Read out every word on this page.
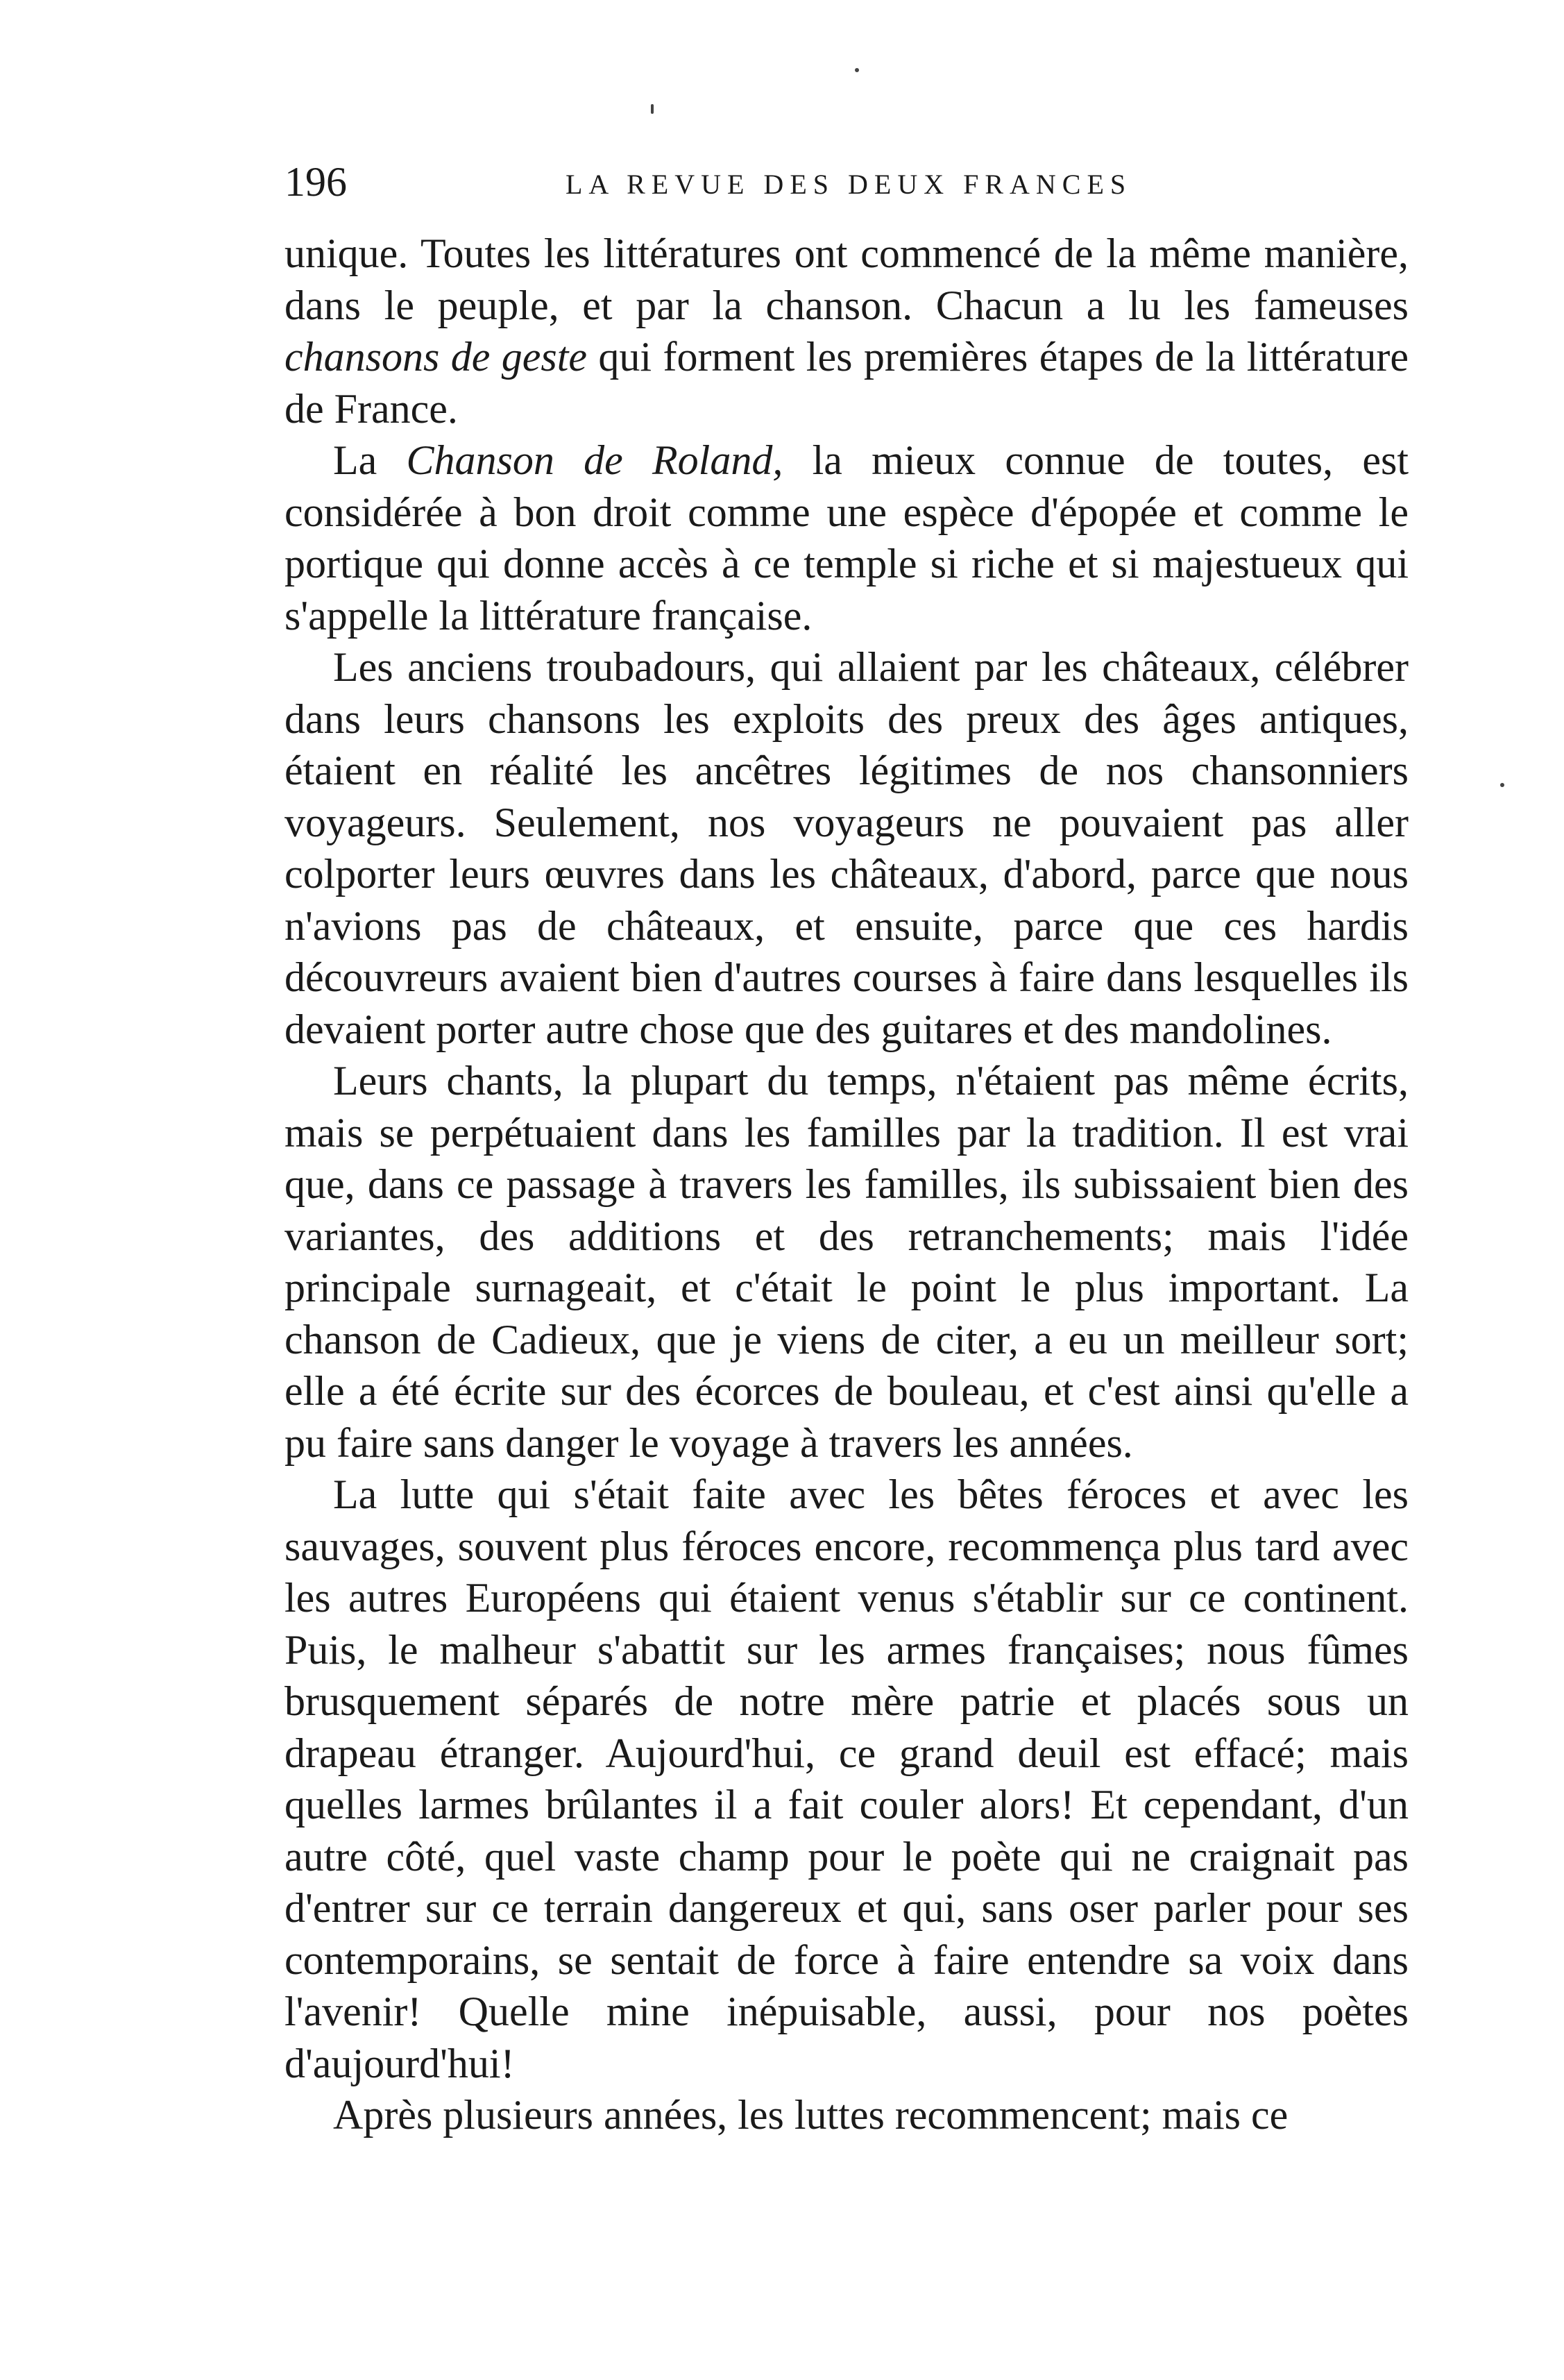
196	LA REVUE DES DEUX FRANCES

unique. Toutes les littératures ont commencé de la même manière, dans le peuple, et par la chanson. Chacun a lu les fameuses chansons de geste qui forment les premières étapes de la littérature de France.

La Chanson de Roland, la mieux connue de toutes, est considérée à bon droit comme une espèce d'épopée et comme le portique qui donne accès à ce temple si riche et si majestueux qui s'appelle la littérature française.

Les anciens troubadours, qui allaient par les châteaux, célébrer dans leurs chansons les exploits des preux des âges antiques, étaient en réalité les ancêtres légitimes de nos chansonniers voyageurs. Seulement, nos voyageurs ne pouvaient pas aller colporter leurs œuvres dans les châteaux, d'abord, parce que nous n'avions pas de châteaux, et ensuite, parce que ces hardis découvreurs avaient bien d'autres courses à faire dans lesquelles ils devaient porter autre chose que des guitares et des mandolines.

Leurs chants, la plupart du temps, n'étaient pas même écrits, mais se perpétuaient dans les familles par la tradition. Il est vrai que, dans ce passage à travers les familles, ils subissaient bien des variantes, des additions et des retranchements; mais l'idée principale surnageait, et c'était le point le plus important. La chanson de Cadieux, que je viens de citer, a eu un meilleur sort; elle a été écrite sur des écorces de bouleau, et c'est ainsi qu'elle a pu faire sans danger le voyage à travers les années.

La lutte qui s'était faite avec les bêtes féroces et avec les sauvages, souvent plus féroces encore, recommença plus tard avec les autres Européens qui étaient venus s'établir sur ce continent. Puis, le malheur s'abattit sur les armes françaises; nous fûmes brusquement séparés de notre mère patrie et placés sous un drapeau étranger. Aujourd'hui, ce grand deuil est effacé; mais quelles larmes brûlantes il a fait couler alors! Et cependant, d'un autre côté, quel vaste champ pour le poète qui ne craignait pas d'entrer sur ce terrain dangereux et qui, sans oser parler pour ses contemporains, se sentait de force à faire entendre sa voix dans l'avenir! Quelle mine inépuisable, aussi, pour nos poètes d'aujourd'hui!

Après plusieurs années, les luttes recommencent; mais ce
